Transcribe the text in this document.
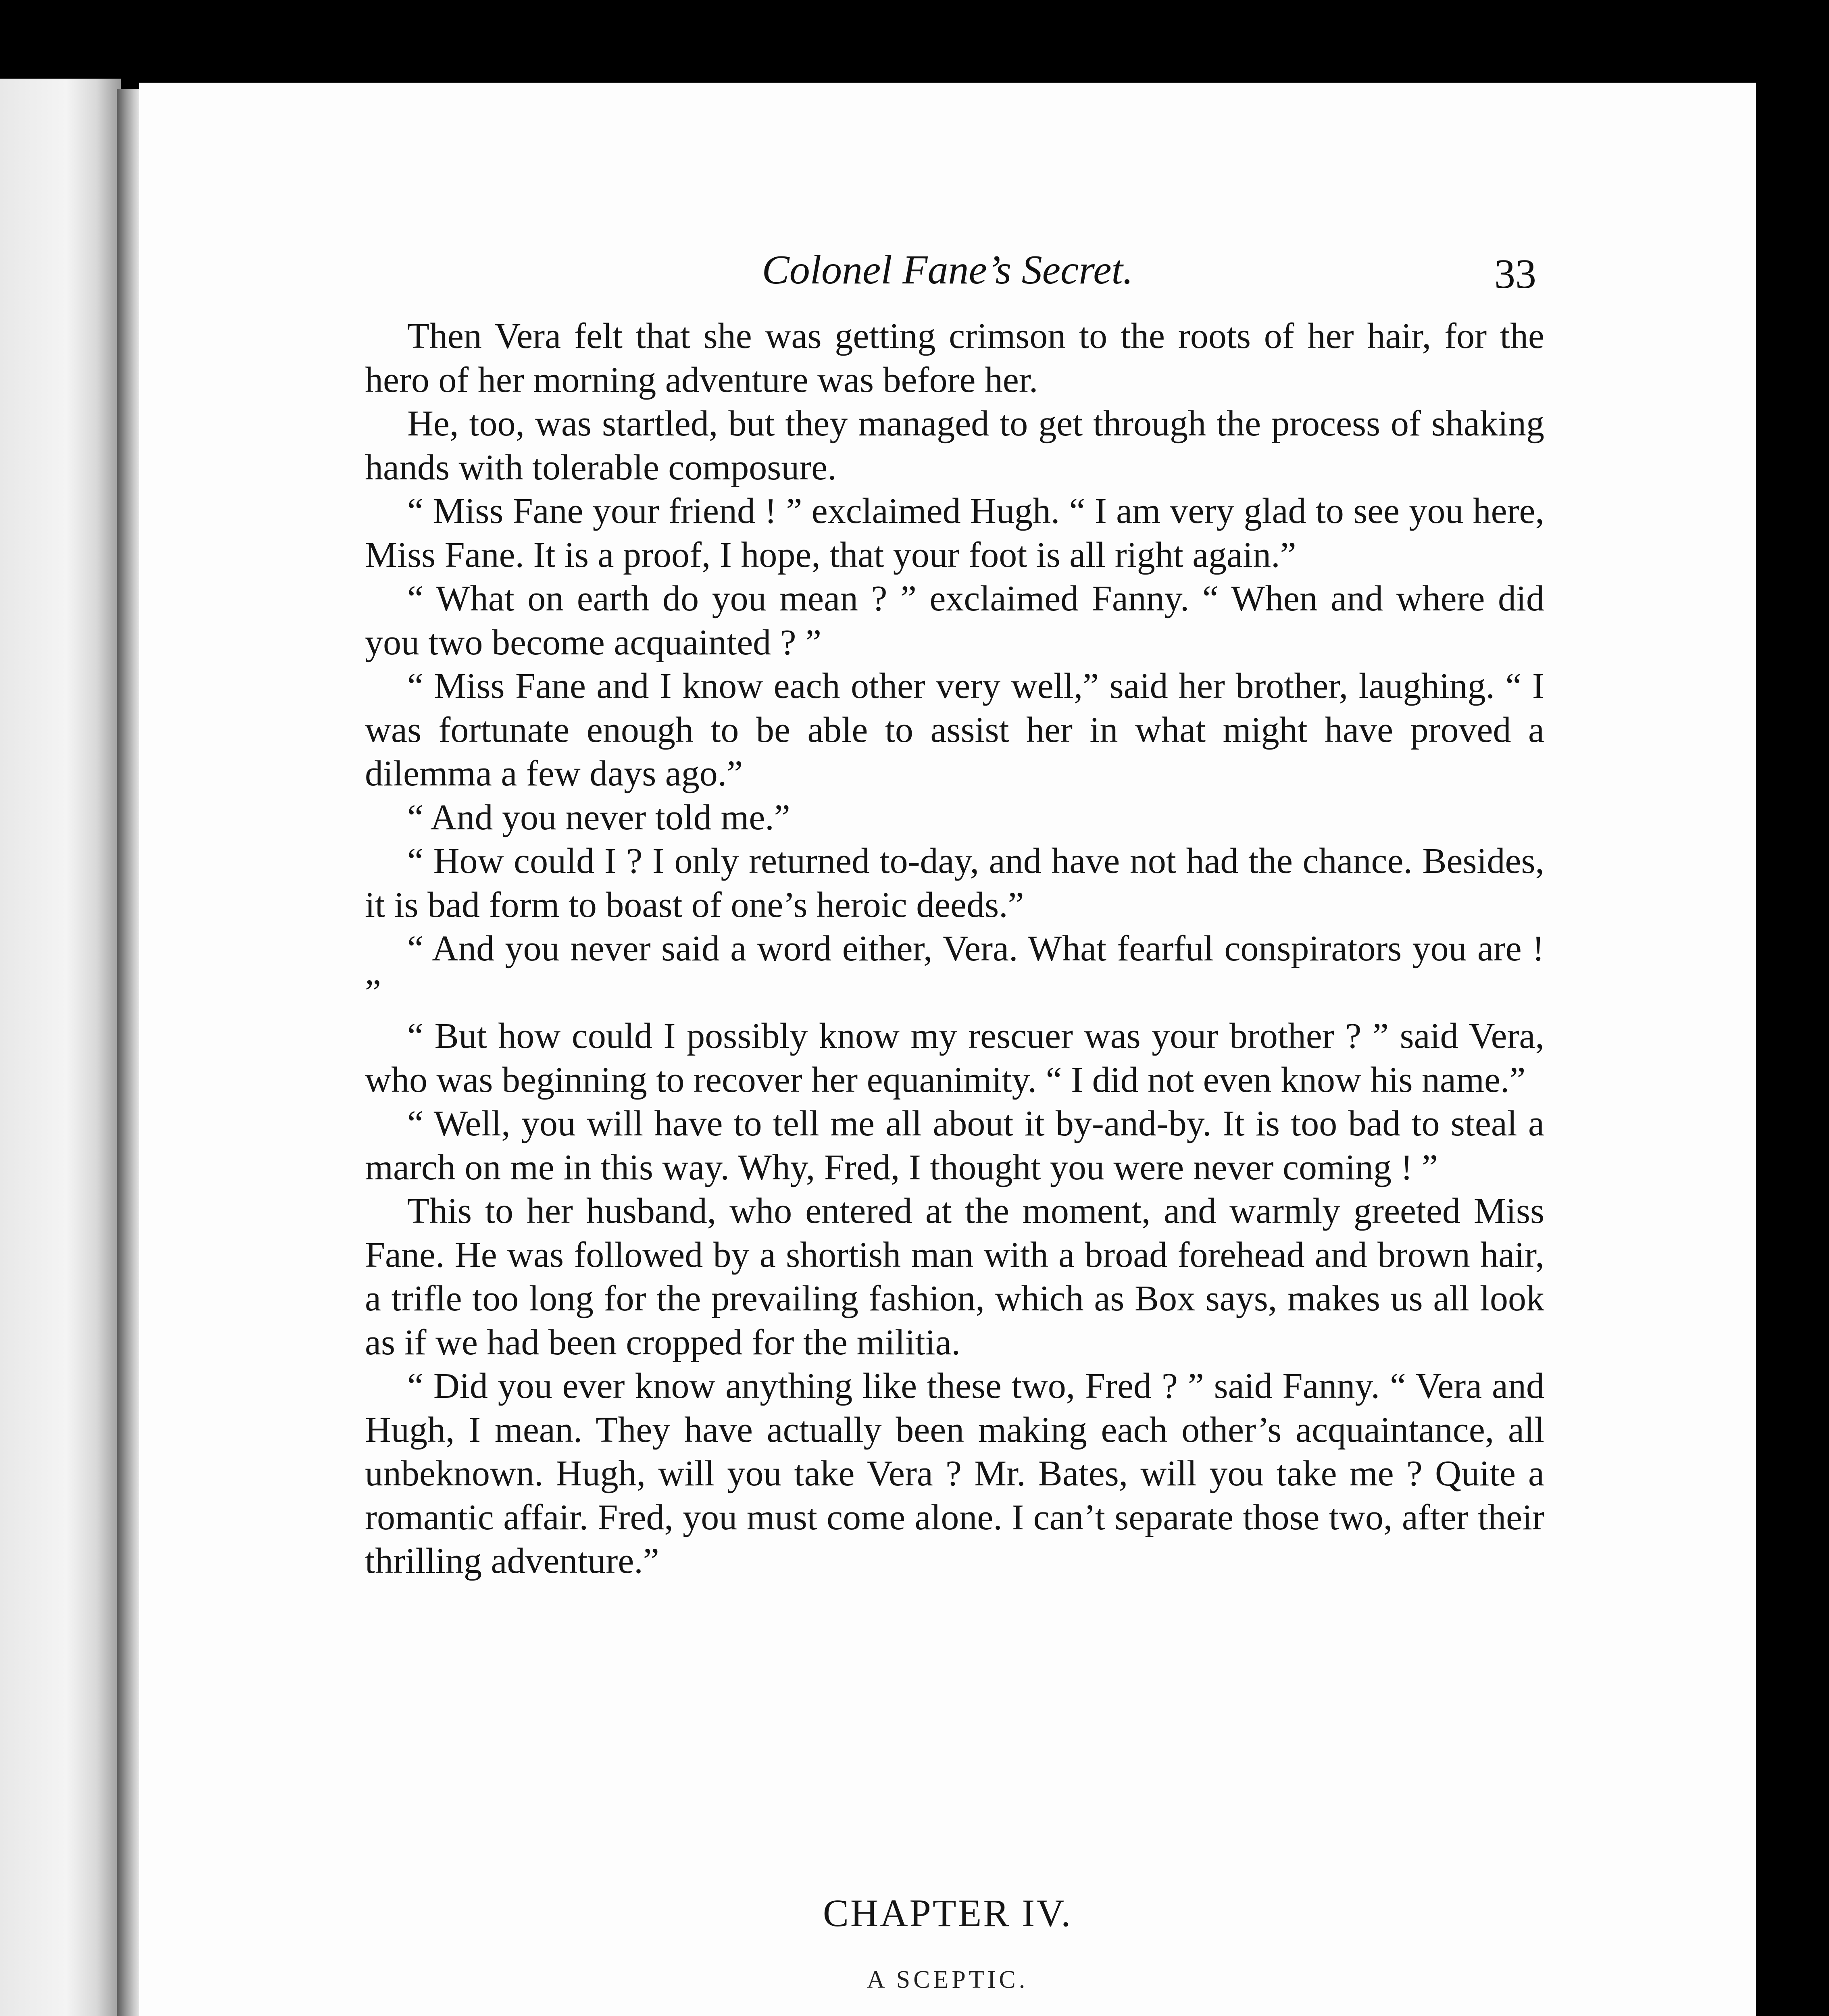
Colonel Fane’s Secret.	33

Then Vera felt that she was getting crimson to the roots of her hair, for the hero of her morning adventure was before her.

He, too, was startled, but they managed to get through the process of shaking hands with tolerable composure.

“ Miss Fane your friend ! ” exclaimed Hugh. “ I am very glad to see you here, Miss Fane. It is a proof, I hope, that your foot is all right again.”

“ What on earth do you mean ? ” exclaimed Fanny. “ When and where did you two become acquainted ? ”

“ Miss Fane and I know each other very well,” said her brother, laughing. “ I was fortunate enough to be able to assist her in what might have proved a dilemma a few days ago.”

“ And you never told me.”

“ How could I ? I only returned to-day, and have not had the chance. Besides, it is bad form to boast of one’s heroic deeds.”

“ And you never said a word either, Vera. What fearful conspirators you are ! ”

“ But how could I possibly know my rescuer was your brother ? ” said Vera, who was beginning to recover her equanimity. “ I did not even know his name.”

“ Well, you will have to tell me all about it by-and-by. It is too bad to steal a march on me in this way. Why, Fred, I thought you were never coming ! ”

This to her husband, who entered at the moment, and warmly greeted Miss Fane. He was followed by a shortish man with a broad forehead and brown hair, a trifle too long for the prevailing fashion, which as Box says, makes us all look as if we had been cropped for the militia.

“ Did you ever know anything like these two, Fred ? ” said Fanny. “ Vera and Hugh, I mean. They have actually been making each other’s acquaintance, all unbeknown. Hugh, will you take Vera ? Mr. Bates, will you take me ? Quite a romantic affair. Fred, you must come alone. I can’t separate those two, after their thrilling adventure.”

CHAPTER IV.
A SCEPTIC.
